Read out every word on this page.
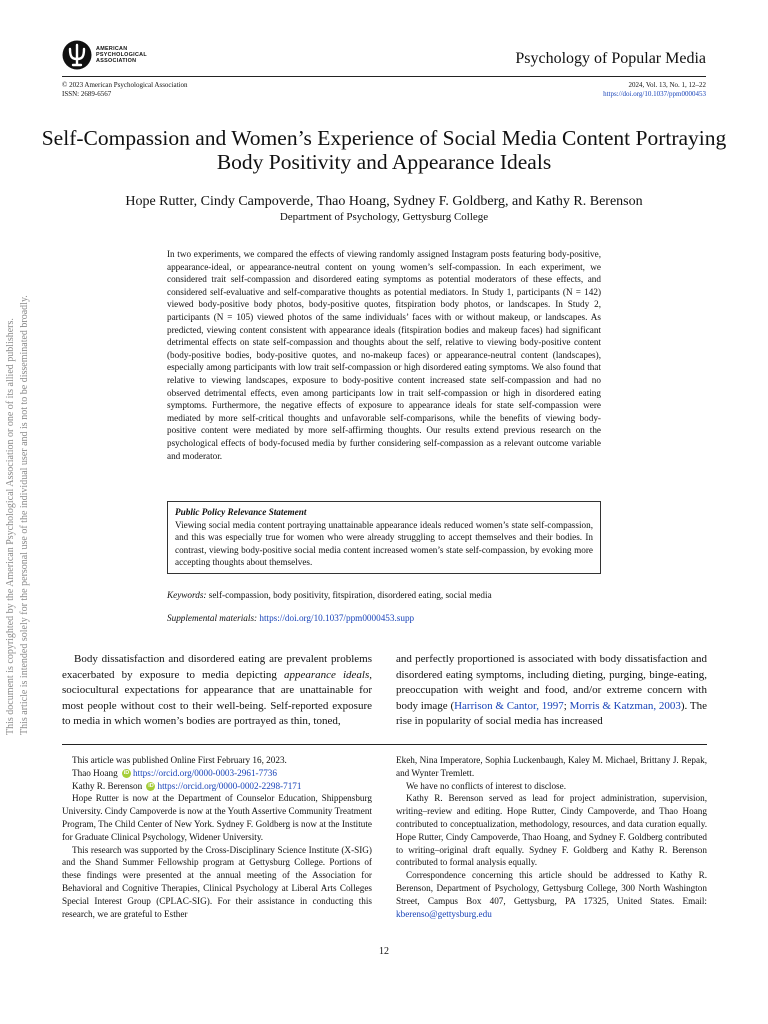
AMERICAN
PSYCHOLOGICAL
ASSOCIATION	Psychology of Popular Media
© 2023 American Psychological Association
ISSN: 2689-6567
2024, Vol. 13, No. 1, 12–22
https://doi.org/10.1037/ppm0000453
Self-Compassion and Women’s Experience of Social Media Content Portraying Body Positivity and Appearance Ideals
Hope Rutter, Cindy Campoverde, Thao Hoang, Sydney F. Goldberg, and Kathy R. Berenson
Department of Psychology, Gettysburg College
In two experiments, we compared the effects of viewing randomly assigned Instagram posts featuring body-positive, appearance-ideal, or appearance-neutral content on young women’s self-compassion. In each experiment, we considered trait self-compassion and disordered eating symptoms as potential moderators of these effects, and considered self-evaluative and self-comparative thoughts as potential mediators. In Study 1, participants (N = 142) viewed body-positive body photos, body-positive quotes, fitspiration body photos, or landscapes. In Study 2, participants (N = 105) viewed photos of the same individuals’ faces with or without makeup, or landscapes. As predicted, viewing content consistent with appearance ideals (fitspiration bodies and makeup faces) had significant detrimental effects on state self-compassion and thoughts about the self, relative to viewing body-positive content (body-positive bodies, body-positive quotes, and no-makeup faces) or appearance-neutral content (landscapes), especially among participants with low trait self-compassion or high disordered eating symptoms. We also found that relative to viewing landscapes, exposure to body-positive content increased state self-compassion and had no observed detrimental effects, even among participants low in trait self-compassion or high in disordered eating symptoms. Furthermore, the negative effects of exposure to appearance ideals for state self-compassion were mediated by more self-critical thoughts and unfavorable self-comparisons, while the benefits of viewing body-positive content were mediated by more self-affirming thoughts. Our results extend previous research on the psychological effects of body-focused media by further considering self-compassion as a relevant outcome variable and moderator.
Public Policy Relevance Statement
Viewing social media content portraying unattainable appearance ideals reduced women’s state self-compassion, and this was especially true for women who were already struggling to accept themselves and their bodies. In contrast, viewing body-positive social media content increased women’s state self-compassion, by evoking more accepting thoughts about themselves.
Keywords: self-compassion, body positivity, fitspiration, disordered eating, social media
Supplemental materials: https://doi.org/10.1037/ppm0000453.supp

Body dissatisfaction and disordered eating are prevalent problems exacerbated by exposure to media depicting appearance ideals, sociocultural expectations for appearance that are unattainable for most people without cost to their well-being. Self-reported exposure to media in which women’s bodies are portrayed as thin, toned,

and perfectly proportioned is associated with body dissatisfaction and disordered eating symptoms, including dieting, purging, binge-eating, preoccupation with weight and food, and/or extreme concern with body image (Harrison & Cantor, 1997; Morris & Katzman, 2003). The rise in popularity of social media has increased

This article was published Online First February 16, 2023.

Thao Hoang iD https://orcid.org/0000-0003-2961-7736

Kathy R. Berenson iD https://orcid.org/0000-0002-2298-7171

Hope Rutter is now at the Department of Counselor Education, Shippensburg University. Cindy Campoverde is now at the Youth Assertive Community Treatment Program, The Child Center of New York. Sydney F. Goldberg is now at the Institute for Graduate Clinical Psychology, Widener University.

This research was supported by the Cross-Disciplinary Science Institute (X-SIG) and the Shand Summer Fellowship program at Gettysburg College. Portions of these findings were presented at the annual meeting of the Association for Behavioral and Cognitive Therapies, Clinical Psychology at Liberal Arts Colleges Special Interest Group (CPLAC-SIG). For their assistance in conducting this research, we are grateful to Esther

Ekeh, Nina Imperatore, Sophia Luckenbaugh, Kaley M. Michael, Brittany J. Repak, and Wynter Tremlett.

We have no conflicts of interest to disclose.

Kathy R. Berenson served as lead for project administration, supervision, writing–review and editing. Hope Rutter, Cindy Campoverde, and Thao Hoang contributed to conceptualization, methodology, resources, and data curation equally. Hope Rutter, Cindy Campoverde, Thao Hoang, and Sydney F. Goldberg contributed to writing–original draft equally. Sydney F. Goldberg and Kathy R. Berenson contributed to formal analysis equally.

Correspondence concerning this article should be addressed to Kathy R. Berenson, Department of Psychology, Gettysburg College, 300 North Washington Street, Campus Box 407, Gettysburg, PA 17325, United States. Email: kberenso@gettysburg.edu

12
This document is copyrighted by the American Psychological Association or one of its allied publishers. This article is intended solely for the personal use of the individual user and is not to be disseminated broadly.
